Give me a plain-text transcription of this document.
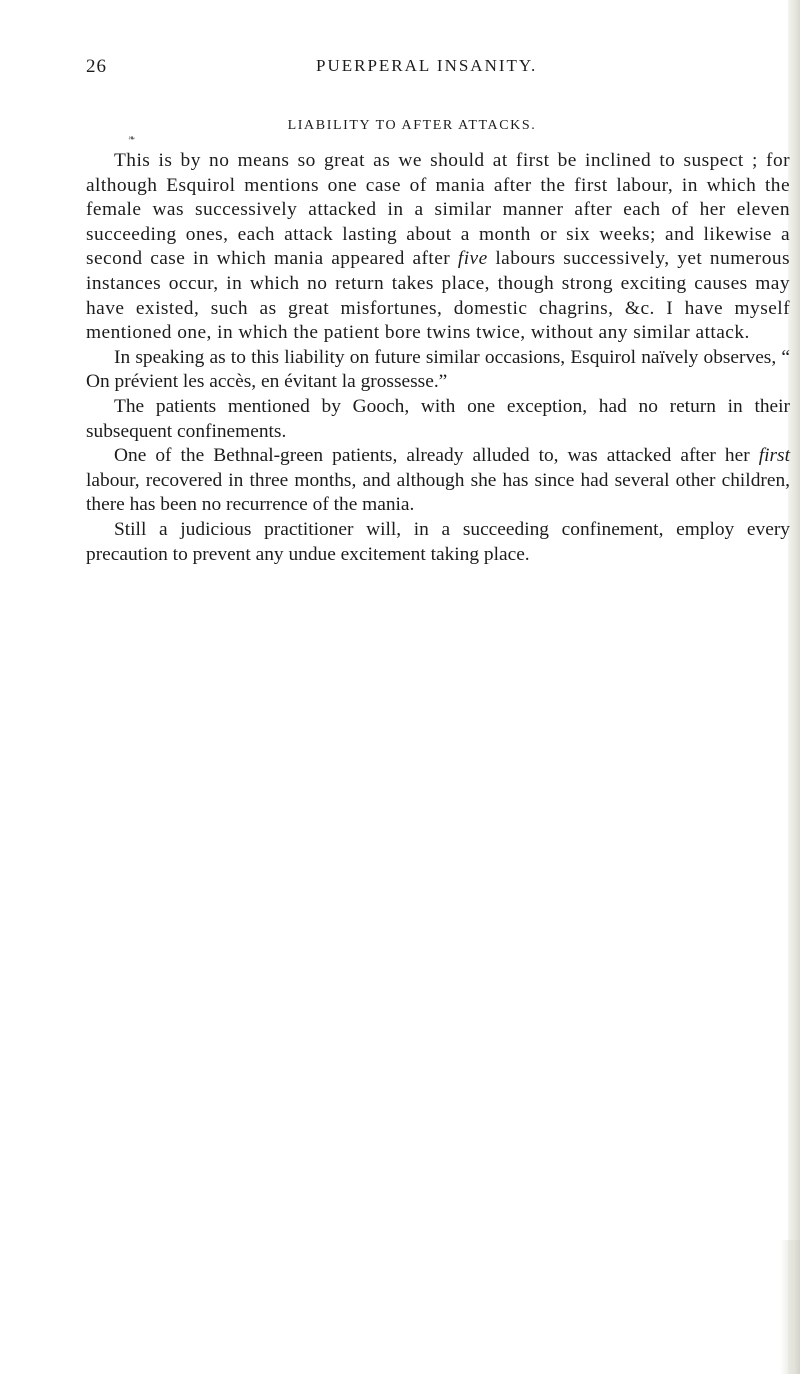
26	PUERPERAL INSANITY.
LIABILITY TO AFTER ATTACKS.
❧

This is by no means so great as we should at first be inclined to suspect ; for although Esquirol mentions one case of mania after the first labour, in which the female was successively attacked in a similar manner after each of her eleven succeeding ones, each attack lasting about a month or six weeks; and likewise a second case in which mania appeared after five labours successively, yet numerous instances occur, in which no return takes place, though strong exciting causes may have existed, such as great misfortunes, domestic chagrins, &c. I have myself mentioned one, in which the patient bore twins twice, without any similar attack.

In speaking as to this liability on future similar occasions, Esquirol naïvely observes, “ On prévient les accès, en évitant la grossesse.”

The patients mentioned by Gooch, with one exception, had no return in their subsequent confinements.

One of the Bethnal-green patients, already alluded to, was attacked after her first labour, recovered in three months, and although she has since had several other children, there has been no recurrence of the mania.

Still a judicious practitioner will, in a succeeding confinement, employ every precaution to prevent any undue excitement taking place.
